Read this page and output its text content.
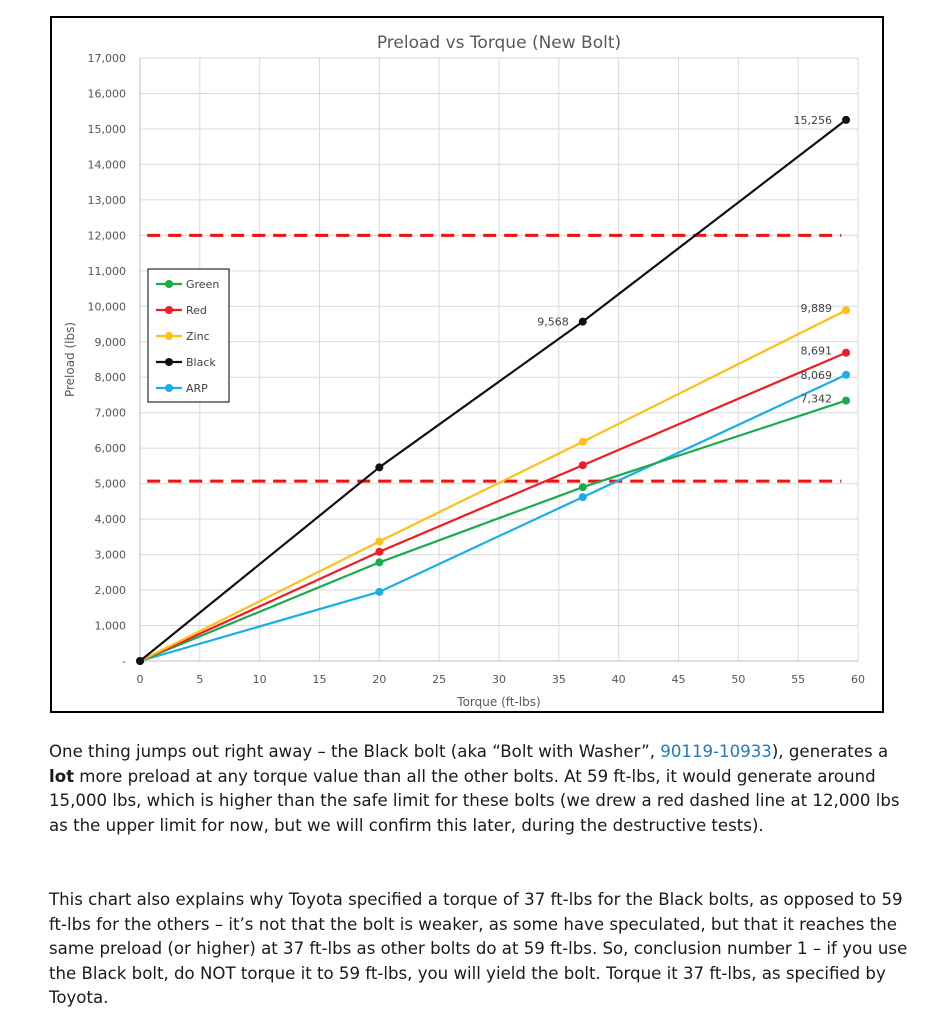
-
1,000
2,000
3,000
4,000
5,000
6,000
7,000
8,000
9,000
10,000
11,000
12,000
13,000
14,000
15,000
16,000
17,000
0	5	10	15	20	25	30	35	40	45	50	55	60
Preload vs Torque (New Bolt)
Torque (ft-lbs)
Preload (lbs)
15,256
9,568
9,889
8,691
8,069
7,342
Green
Red
Zinc
Black
ARP

One thing jumps out right away – the Black bolt (aka “Bolt with Washer”, 90119-10933), generates a lot more preload at any torque value than all the other bolts. At 59 ft-lbs, it would generate around 15,000 lbs, which is higher than the safe limit for these bolts (we drew a red dashed line at 12,000 lbs as the upper limit for now, but we will confirm this later, during the destructive tests).

This chart also explains why Toyota specified a torque of 37 ft-lbs for the Black bolts, as opposed to 59 ft-lbs for the others – it’s not that the bolt is weaker, as some have speculated, but that it reaches the same preload (or higher) at 37 ft-lbs as other bolts do at 59 ft-lbs. So, conclusion number 1 – if you use the Black bolt, do NOT torque it to 59 ft-lbs, you will yield the bolt. Torque it 37 ft-lbs, as specified by Toyota.
